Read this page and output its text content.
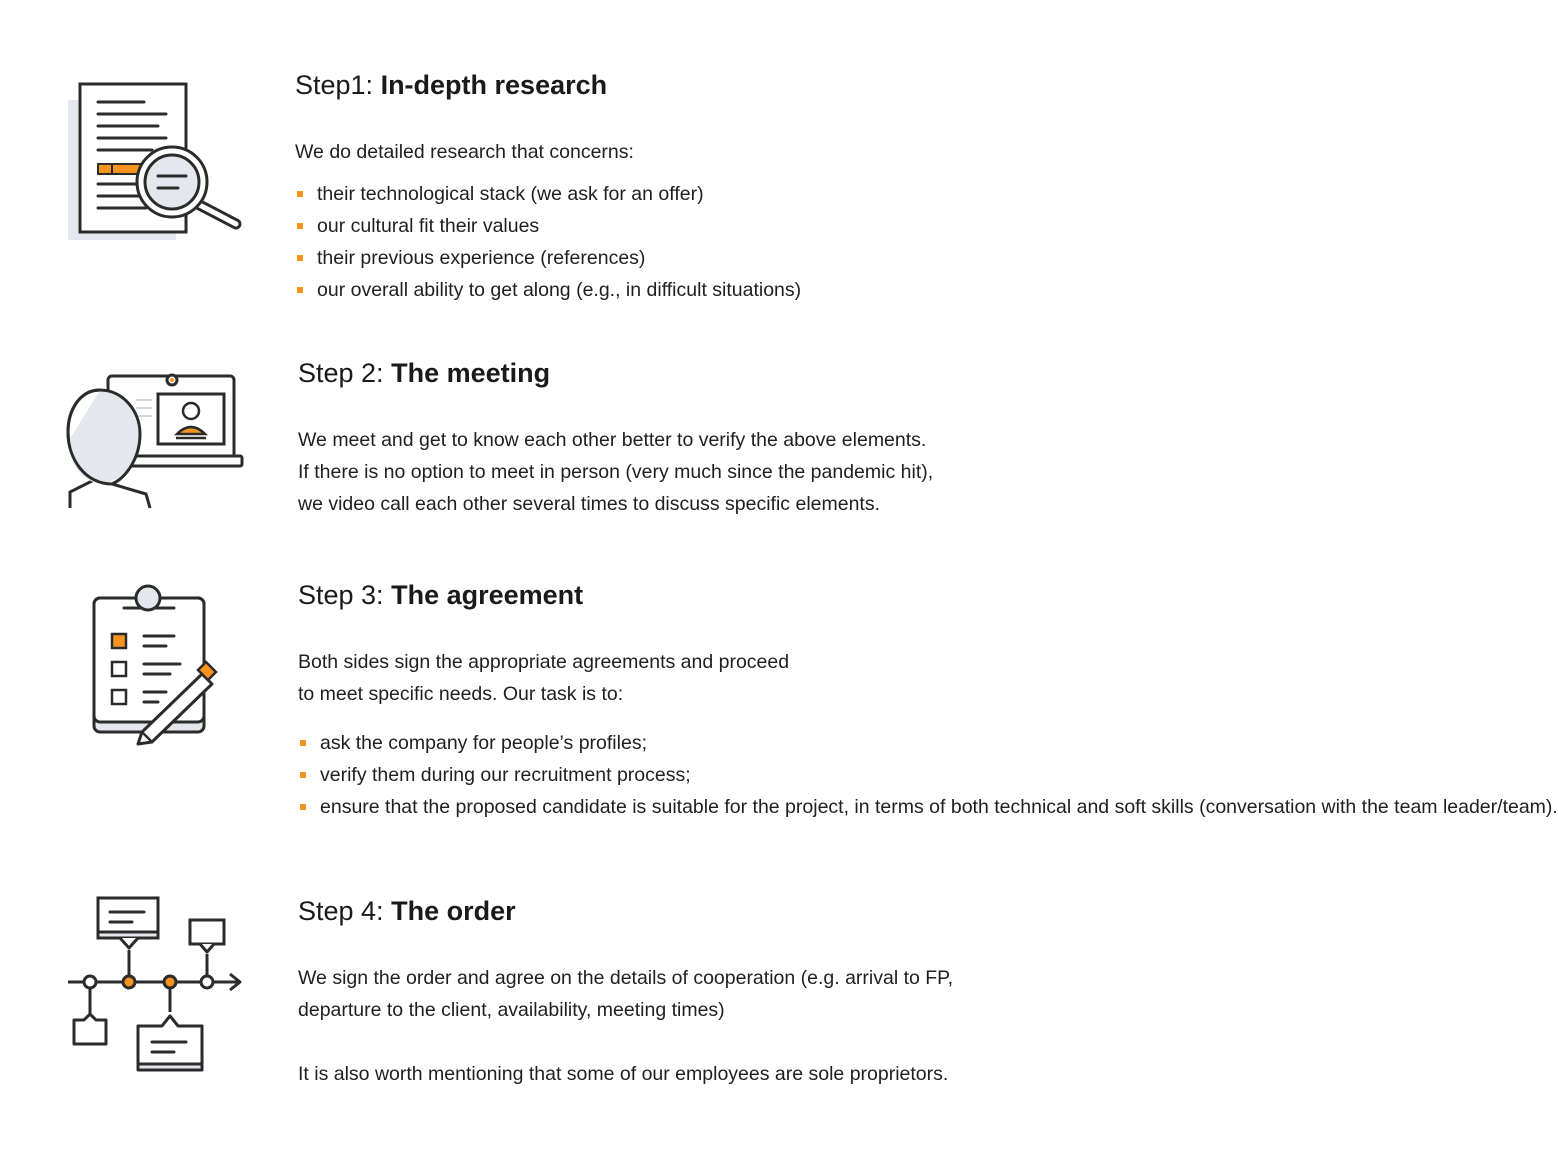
Step1: In-depth research

We do detailed research that concerns:

their technological stack (we ask for an offer)
our cultural fit their values
their previous experience (references)
our overall ability to get along (e.g., in difficult situations)
Step 2: The meeting

We meet and get to know each other better to verify the above elements.

If there is no option to meet in person (very much since the pandemic hit),

we video call each other several times to discuss specific elements.

Step 3: The agreement

Both sides sign the appropriate agreements and proceed

to meet specific needs. Our task is to:

ask the company for people’s profiles;
verify them during our recruitment process;
ensure that the proposed candidate is suitable for the project, in terms of both technical and soft skills (conversation with the team leader/team).
Step 4: The order

We sign the order and agree on the details of cooperation (e.g. arrival to FP,

departure to the client, availability, meeting times)

It is also worth mentioning that some of our employees are sole proprietors.
